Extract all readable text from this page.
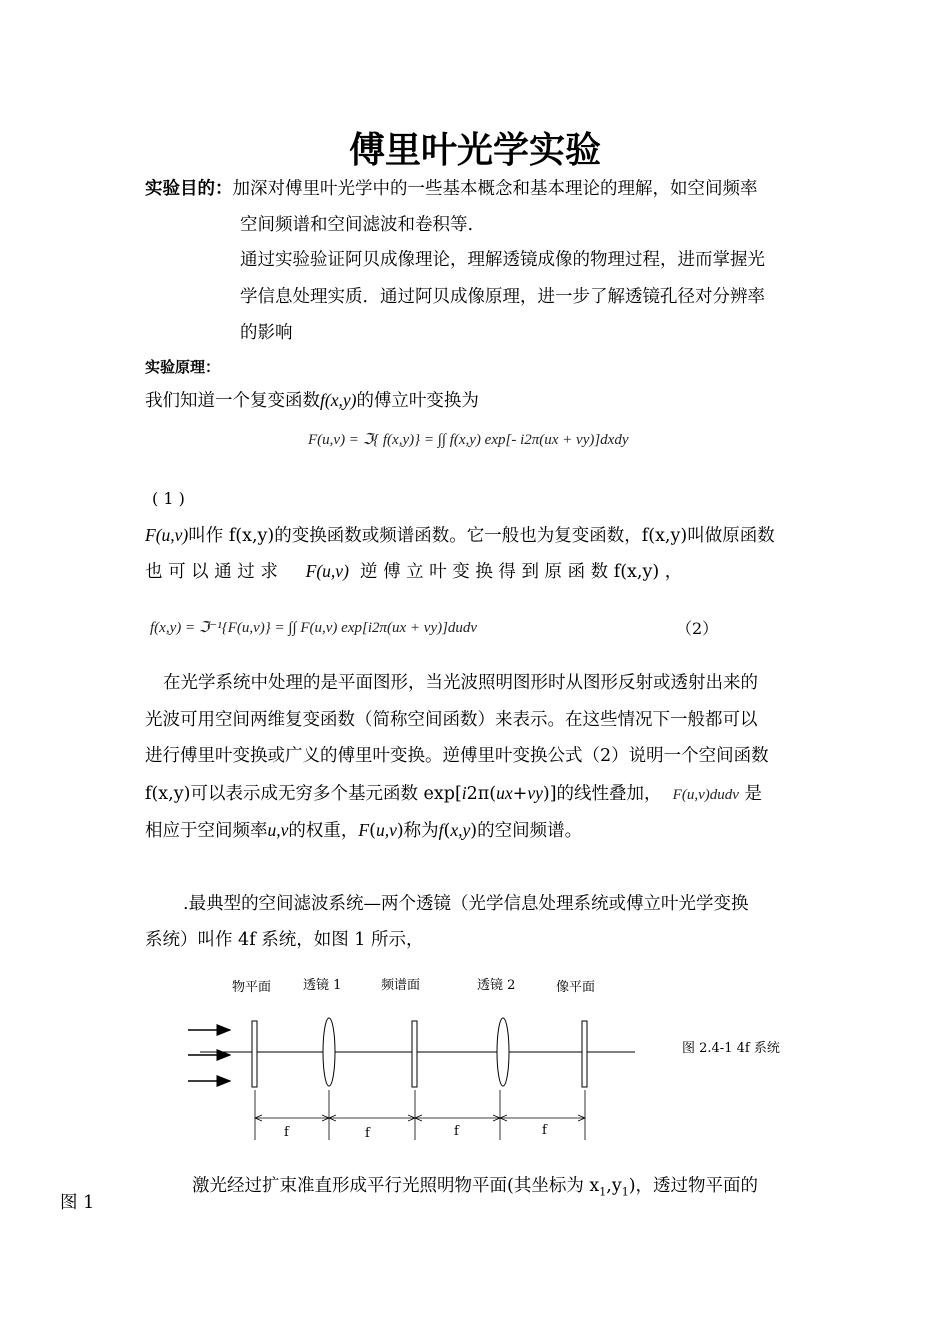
傅里叶光学实验
实验目的：加深对傅里叶光学中的一些基本概念和基本理论的理解，如空间频率
空间频谱和空间滤波和卷积等.
通过实验验证阿贝成像理论，理解透镜成像的物理过程，进而掌握光
学信息处理实质．通过阿贝成像原理，进一步了解透镜孔径对分辨率
的影响
实验原理：
我们知道一个复变函数f(x,y)的傅立叶变换为
F(u,v) = ℑ{ f(x,y)} = ∫∫ f(x,y) exp[- i2π(ux + vy)]dxdy
( 1 )
F(u,v)叫作 f(x,y)的变换函数或频谱函数。它一般也为复变函数，f(x,y)叫做原函数
也 可 以 通 过 求 F(u,v) 逆 傅 立 叶 变 换 得 到 原 函 数 f(x,y) ，
f(x,y) = ℑ⁻¹{F(u,v)} = ∫∫ F(u,v) exp[i2π(ux + vy)]dudv	（2）
在光学系统中处理的是平面图形，当光波照明图形时从图形反射或透射出来的
光波可用空间两维复变函数（简称空间函数）来表示。在这些情况下一般都可以
进行傅里叶变换或广义的傅里叶变换。逆傅里叶变换公式（2）说明一个空间函数
f(x,y)可以表示成无穷多个基元函数 exp[i2π(ux+vy)]的线性叠加， F(u,v)dudv 是
相应于空间频率u,v的权重，F(u,v)称为f(x,y)的空间频谱。
.最典型的空间滤波系统—两个透镜（光学信息处理系统或傅立叶光学变换
系统）叫作 4f 系统，如图 1 所示，
物平面 透镜 1	频谱面	透镜 2	像平面
图 2.4-1 4f 系统
f	f	f	f
激光经过扩束准直形成平行光照明物平面(其坐标为 $x_1,y_1$)，透过物平面的
图 1
